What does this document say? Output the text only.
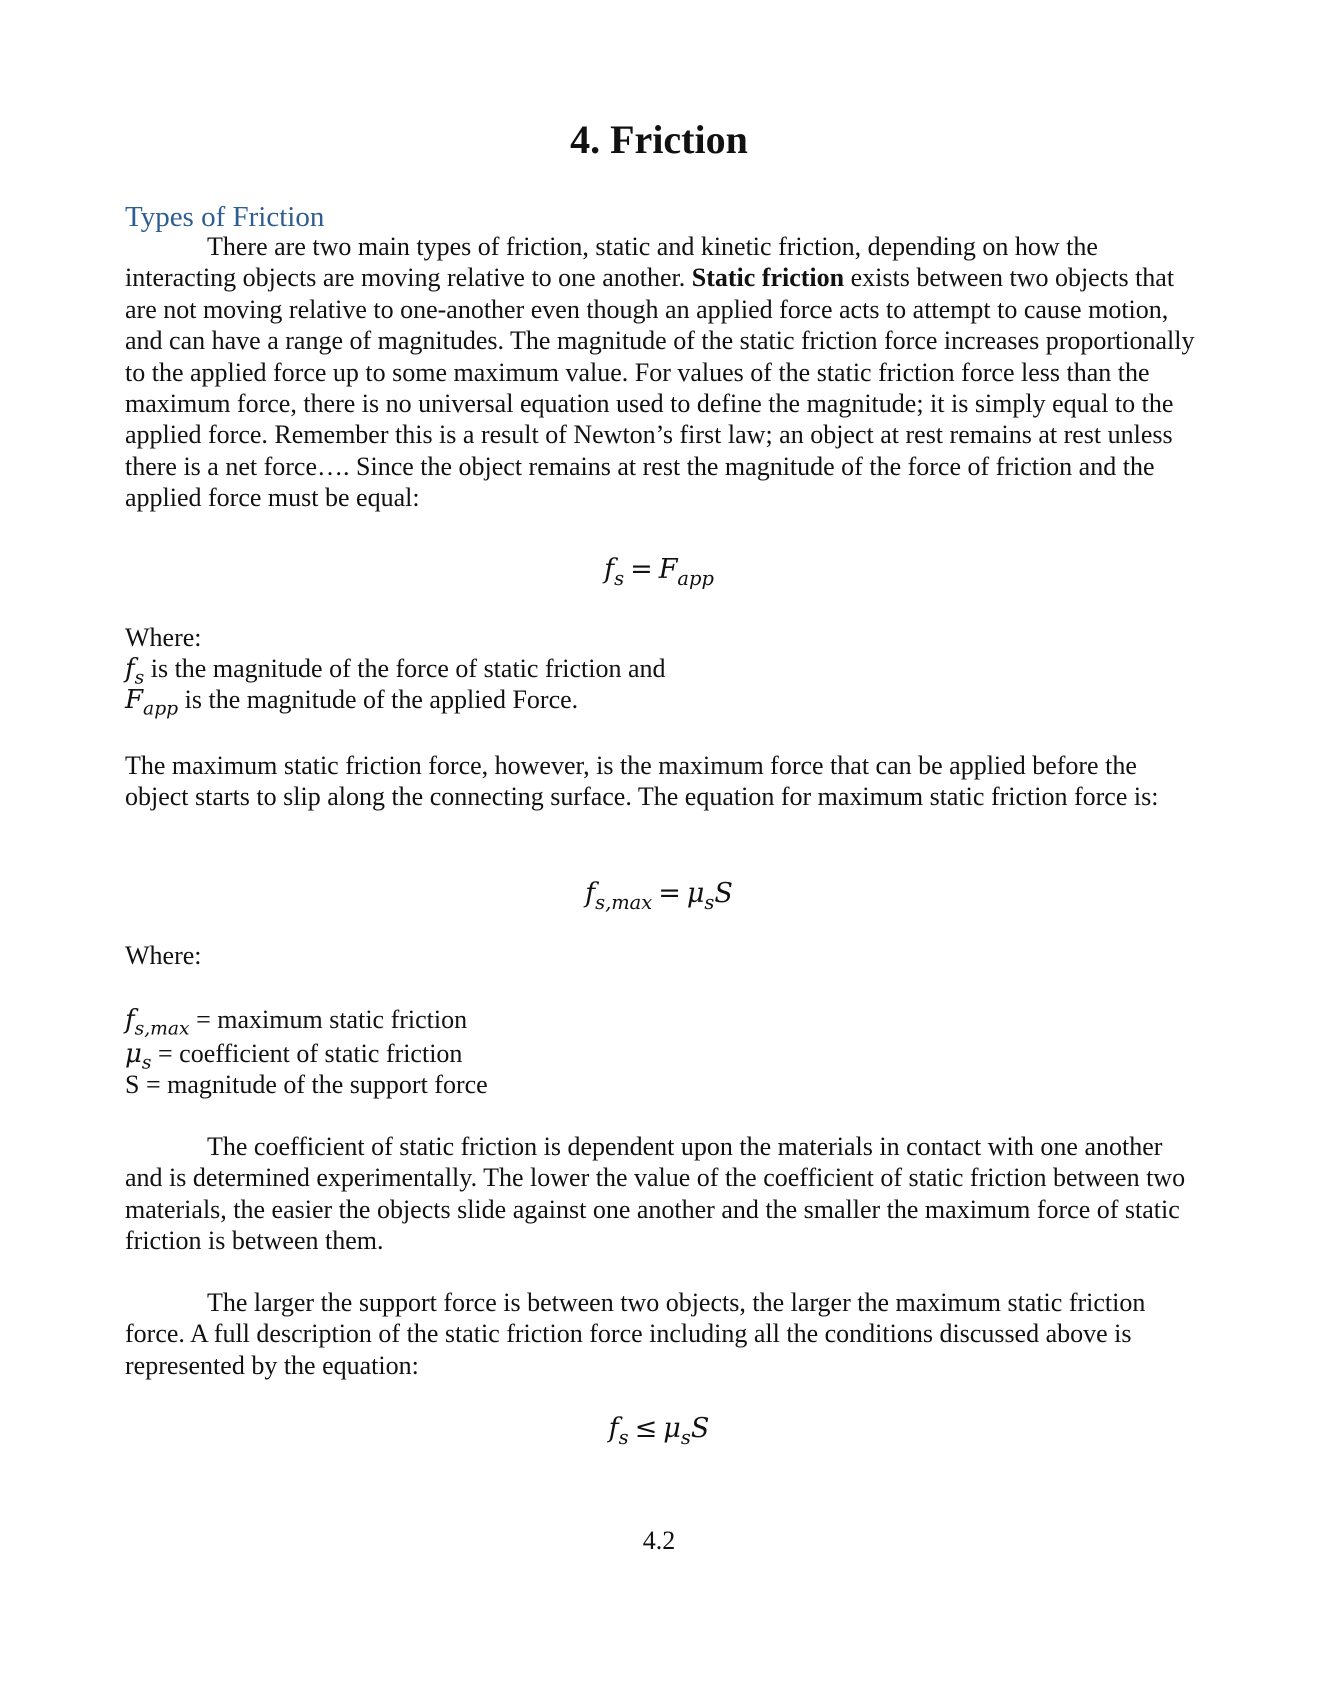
4. Friction
Types of Friction

There are two main types of friction, static and kinetic friction, depending on how the interacting objects are moving relative to one another. Static friction exists between two objects that are not moving relative to one-another even though an applied force acts to attempt to cause motion, and can have a range of magnitudes. The magnitude of the static friction force increases proportionally to the applied force up to some maximum value. For values of the static friction force less than the maximum force, there is no universal equation used to define the magnitude; it is simply equal to the applied force. Remember this is a result of Newton’s first law; an object at rest remains at rest unless there is a net force…. Since the object remains at rest the magnitude of the force of friction and the applied force must be equal:

$f_s = F_{app}$

Where:

$f_s$ is the magnitude of the force of static friction and

$F_{app}$ is the magnitude of the applied Force.

The maximum static friction force, however, is the maximum force that can be applied before the object starts to slip along the connecting surface. The equation for maximum static friction force is:

$f_{s,max} = \mu_sS$

Where:

$f_{s,max}$ = maximum static friction

$\mu_s$ = coefficient of static friction

S = magnitude of the support force

The coefficient of static friction is dependent upon the materials in contact with one another and is determined experimentally. The lower the value of the coefficient of static friction between two materials, the easier the objects slide against one another and the smaller the maximum force of static friction is between them.

The larger the support force is between two objects, the larger the maximum static friction force. A full description of the static friction force including all the conditions discussed above is represented by the equation:

$f_s \le \mu_sS$

4.2
